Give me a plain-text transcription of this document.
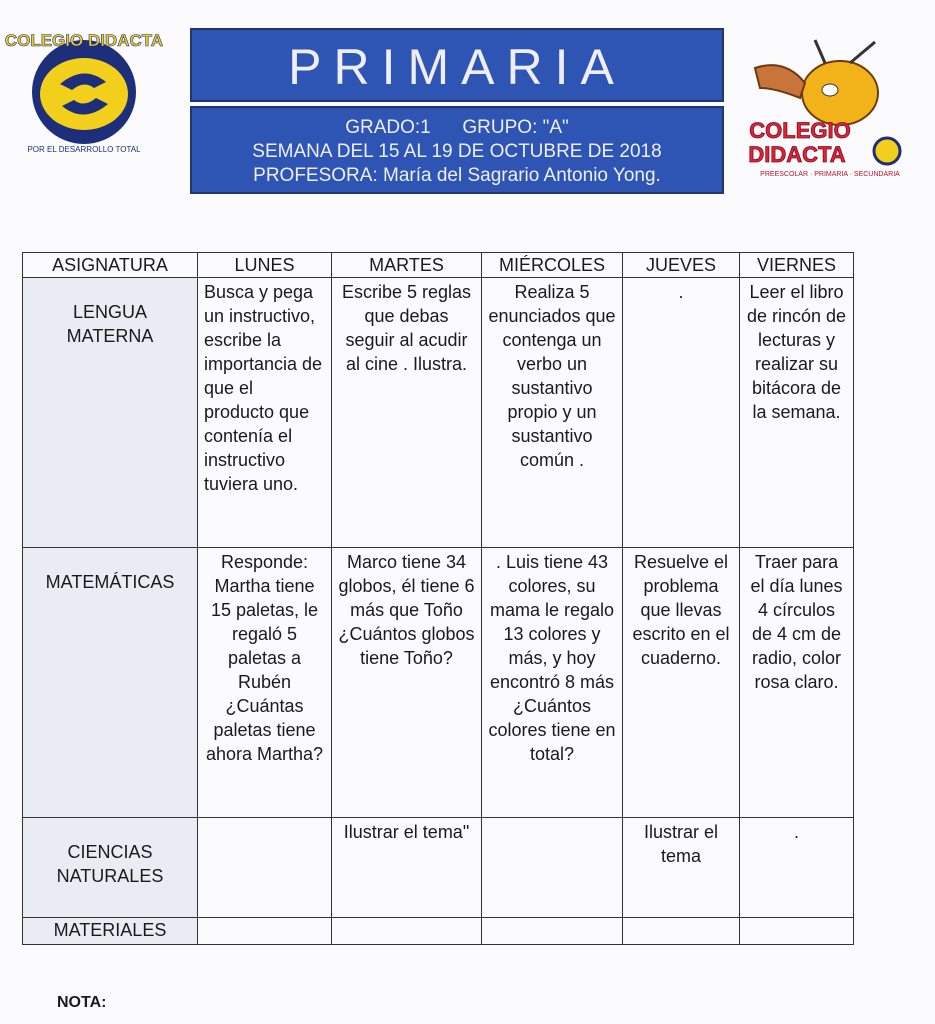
COLEGIO DIDACTA
POR EL DESARROLLO TOTAL
PRIMARIA
GRADO:1 GRUPO: "A"
SEMANA DEL 15 AL 19 DE OCTUBRE DE 2018
PROFESORA: María del Sagrario Antonio Yong.
COLEGIO
DIDACTA
PREESCOLAR · PRIMARIA · SECUNDARIA
ASIGNATURA	LUNES	MARTES	MIÉRCOLES	JUEVES	VIERNES
LENGUA MATERNA	Busca y pega un instructivo, escribe la importancia de que el producto que contenía el instructivo tuviera uno.	Escribe 5 reglas que debas seguir al acudir al cine . Ilustra.	Realiza 5 enunciados que contenga un verbo un sustantivo propio y un sustantivo común .	.	Leer el libro de rincón de lecturas y realizar su bitácora de la semana.
MATEMÁTICAS	Responde: Martha tiene 15 paletas, le regaló 5 paletas a Rubén ¿Cuántas paletas tiene ahora Martha?	Marco tiene 34 globos, él tiene 6 más que Toño ¿Cuántos globos tiene Toño?	. Luis tiene 43 colores, su mama le regalo 13 colores y más, y hoy encontró 8 más ¿Cuántos colores tiene en total?	Resuelve el problema que llevas escrito en el cuaderno.	Traer para el día lunes 4 círculos de 4 cm de radio, color rosa claro.
CIENCIAS NATURALES		Ilustrar el tema"		Ilustrar el tema	.
MATERIALES					
NOTA:
